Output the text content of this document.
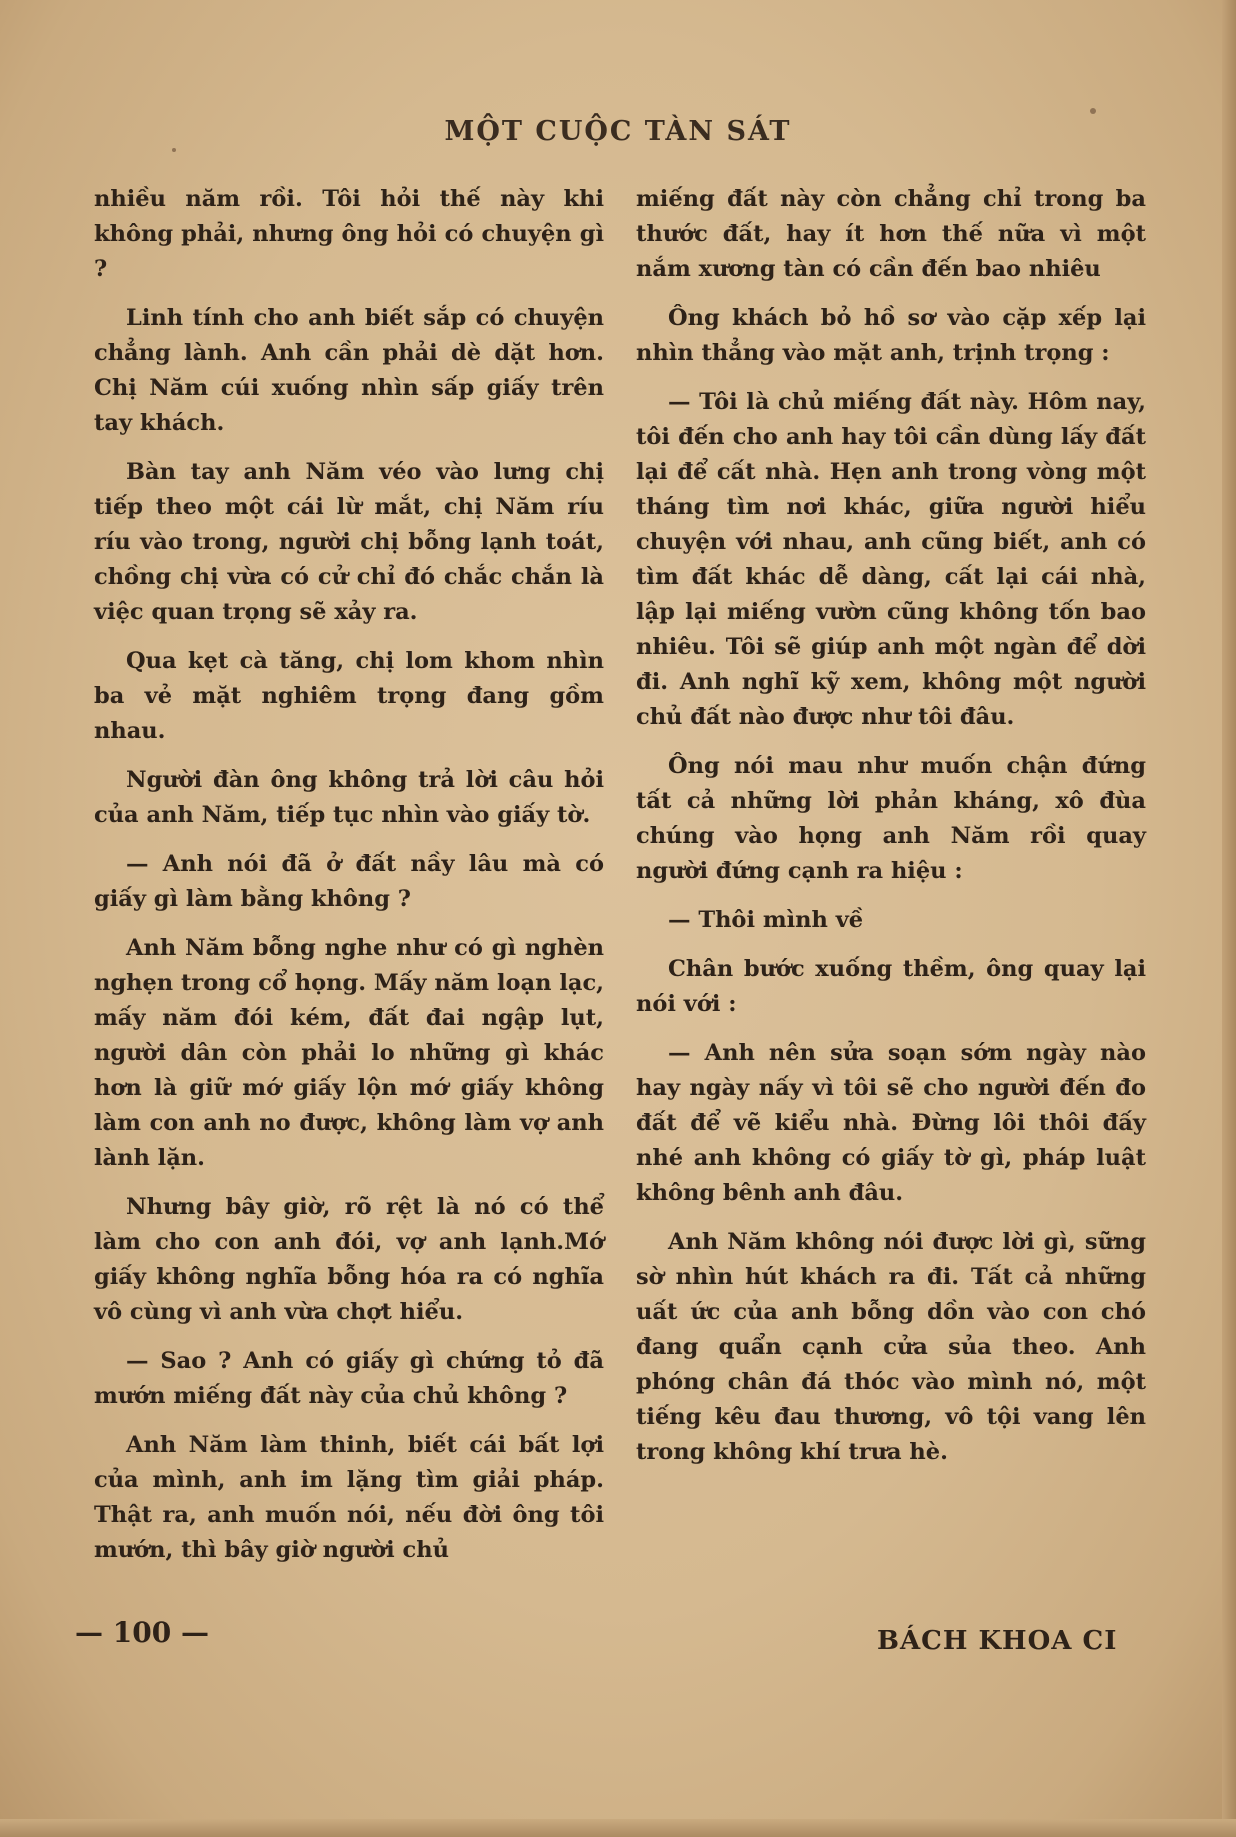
MỘT CUỘC TÀN SÁT

nhiều năm rồi. Tôi hỏi thế này khi không phải, nhưng ông hỏi có chuyện gì ?

Linh tính cho anh biết sắp có chuyện chẳng lành. Anh cần phải dè dặt hơn. Chị Năm cúi xuống nhìn sấp giấy trên tay khách.

Bàn tay anh Năm véo vào lưng chị tiếp theo một cái lừ mắt, chị Năm ríu ríu vào trong, người chị bỗng lạnh toát, chồng chị vừa có cử chỉ đó chắc chắn là việc quan trọng sẽ xảy ra.

Qua kẹt cà tăng, chị lom khom nhìn ba vẻ mặt nghiêm trọng đang gồm nhau.

Người đàn ông không trả lời câu hỏi của anh Năm, tiếp tục nhìn vào giấy tờ.

— Anh nói đã ở đất nầy lâu mà có giấy gì làm bằng không ?

Anh Năm bỗng nghe như có gì nghèn nghẹn trong cổ họng. Mấy năm loạn lạc, mấy năm đói kém, đất đai ngập lụt, người dân còn phải lo những gì khác hơn là giữ mớ giấy lộn mớ giấy không làm con anh no được, không làm vợ anh lành lặn.

Nhưng bây giờ, rõ rệt là nó có thể làm cho con anh đói, vợ anh lạnh.Mớ giấy không nghĩa bỗng hóa ra có nghĩa vô cùng vì anh vừa chợt hiểu.

— Sao ? Anh có giấy gì chứng tỏ đã mướn miếng đất này của chủ không ?

Anh Năm làm thinh, biết cái bất lợi của mình, anh im lặng tìm giải pháp. Thật ra, anh muốn nói, nếu đời ông tôi mướn, thì bây giờ người chủ

miếng đất này còn chẳng chỉ trong ba thước đất, hay ít hơn thế nữa vì một nắm xương tàn có cần đến bao nhiêu

Ông khách bỏ hồ sơ vào cặp xếp lại nhìn thẳng vào mặt anh, trịnh trọng :

— Tôi là chủ miếng đất này. Hôm nay, tôi đến cho anh hay tôi cần dùng lấy đất lại để cất nhà. Hẹn anh trong vòng một tháng tìm nơi khác, giữa người hiểu chuyện với nhau, anh cũng biết, anh có tìm đất khác dễ dàng, cất lại cái nhà, lập lại miếng vườn cũng không tốn bao nhiêu. Tôi sẽ giúp anh một ngàn để dời đi. Anh nghĩ kỹ xem, không một người chủ đất nào được như tôi đâu.

Ông nói mau như muốn chận đứng tất cả những lời phản kháng, xô đùa chúng vào họng anh Năm rồi quay người đứng cạnh ra hiệu :

— Thôi mình về

Chân bước xuống thềm, ông quay lại nói với :

— Anh nên sửa soạn sớm ngày nào hay ngày nấy vì tôi sẽ cho người đến đo đất để vẽ kiểu nhà. Đừng lôi thôi đấy nhé anh không có giấy tờ gì, pháp luật không bênh anh đâu.

Anh Năm không nói được lời gì, sững sờ nhìn hút khách ra đi. Tất cả những uất ức của anh bỗng dồn vào con chó đang quẩn cạnh cửa sủa theo. Anh phóng chân đá thóc vào mình nó, một tiếng kêu đau thương, vô tội vang lên trong không khí trưa hè.

— 100 —	BÁCH KHOA CI
